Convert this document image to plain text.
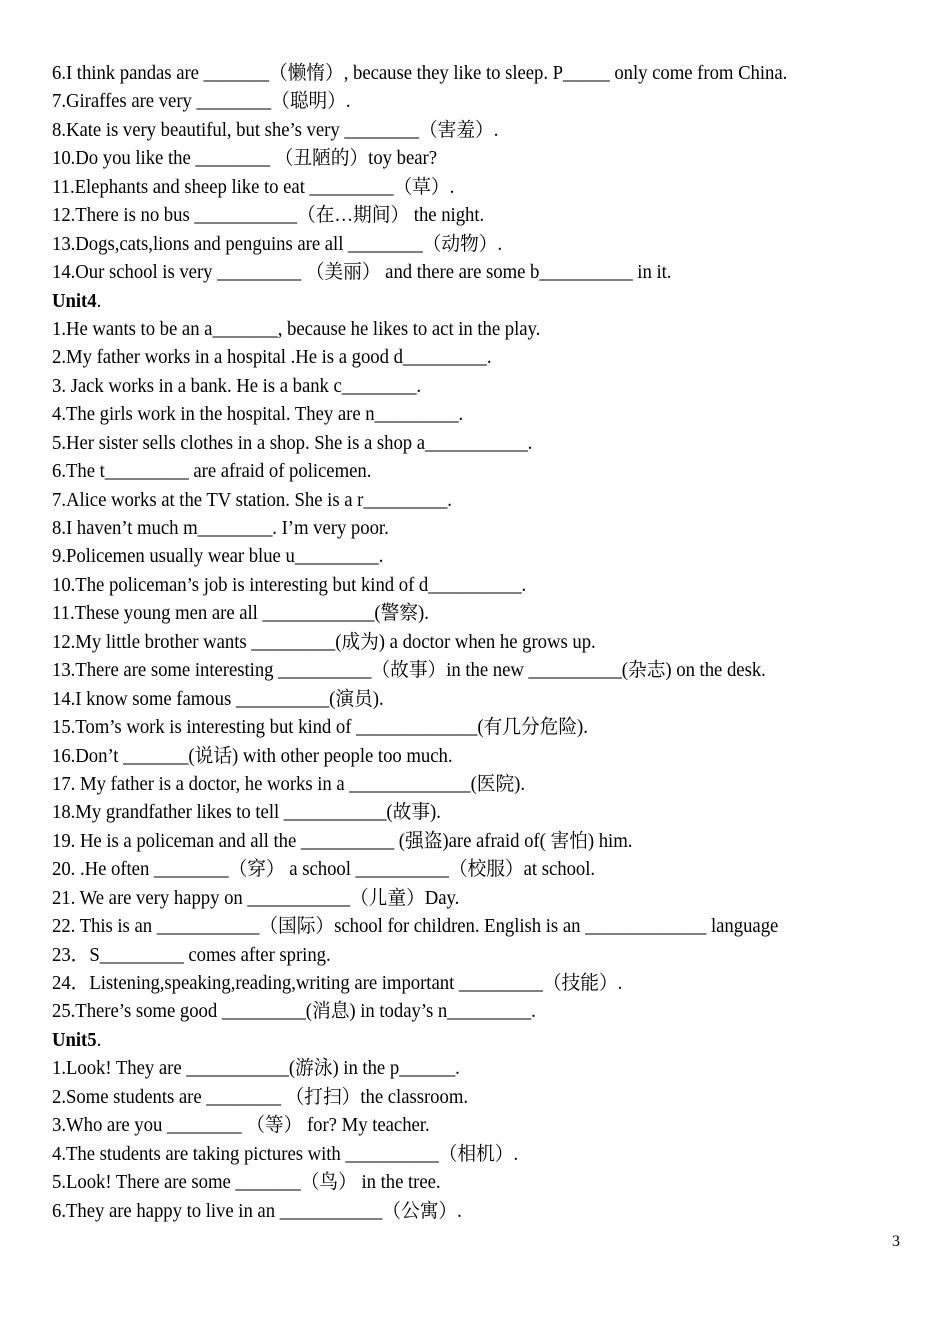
6.I think pandas are _______（懒惰）, because they like to sleep. P_____ only come from China.
7.Giraffes are very ________（聪明）.
8.Kate is very beautiful, but she’s very ________（害羞）.
10.Do you like the ________ （丑陋的）toy bear?
11.Elephants and sheep like to eat _________（草）.
12.There is no bus ___________（在…期间） the night.
13.Dogs,cats,lions and penguins are all ________（动物）.
14.Our school is very _________ （美丽） and there are some b__________ in it.
Unit4.
1.He wants to be an a_______, because he likes to act in the play.
2.My father works in a hospital .He is a good d_________.
3. Jack works in a bank. He is a bank c________.
4.The girls work in the hospital. They are n_________.
5.Her sister sells clothes in a shop. She is a shop a___________.
6.The t_________ are afraid of policemen.
7.Alice works at the TV station. She is a r_________.
8.I haven’t much m________. I’m very poor.
9.Policemen usually wear blue u_________.
10.The policeman’s job is interesting but kind of d__________.
11.These young men are all ____________(警察).
12.My little brother wants _________(成为) a doctor when he grows up.
13.There are some interesting __________（故事）in the new __________(杂志) on the desk.
14.I know some famous __________(演员).
15.Tom’s work is interesting but kind of _____________(有几分危险).
16.Don’t _______(说话) with other people too much.
17. My father is a doctor, he works in a _____________(医院).
18.My grandfather likes to tell ___________(故事).
19. He is a policeman and all the __________ (强盗)are afraid of( 害怕) him.
20. .He often ________（穿） a school __________（校服）at school.
21. We are very happy on ___________（儿童）Day.
22. This is an ___________（国际）school for children. English is an _____________ language
23．S_________ comes after spring.
24．Listening,speaking,reading,writing are important _________（技能）.
25.There’s some good _________(消息) in today’s n_________.
Unit5.
1.Look! They are ___________(游泳) in the p______.
2.Some students are ________ （打扫）the classroom.
3.Who are you ________ （等） for? My teacher.
4.The students are taking pictures with __________（相机）.
5.Look! There are some _______（鸟） in the tree.
6.They are happy to live in an ___________（公寓）.
3
